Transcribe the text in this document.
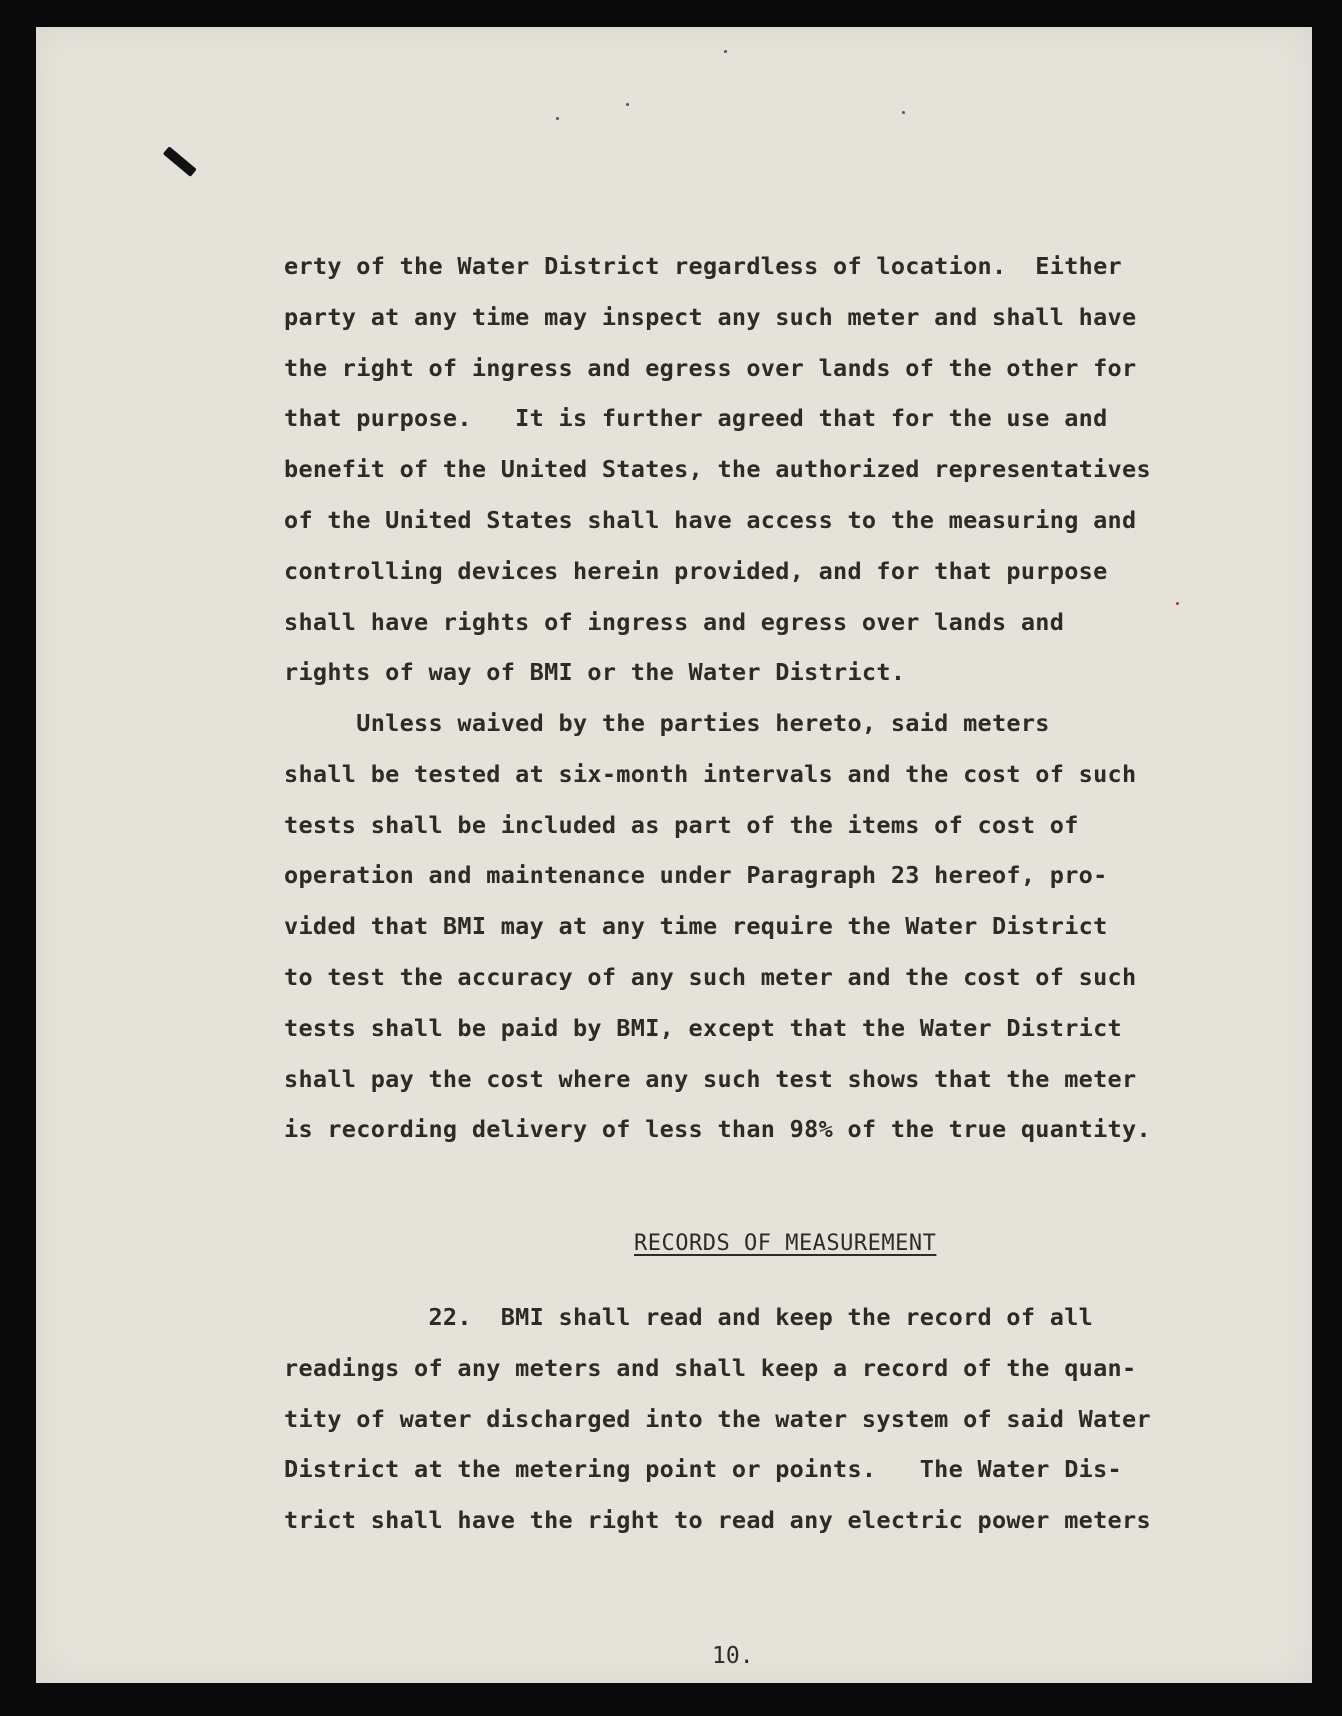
erty of the Water District regardless of location.  Either
party at any time may inspect any such meter and shall have
the right of ingress and egress over lands of the other for
that purpose.   It is further agreed that for the use and
benefit of the United States, the authorized representatives
of the United States shall have access to the measuring and
controlling devices herein provided, and for that purpose
shall have rights of ingress and egress over lands and
rights of way of BMI or the Water District.
Unless waived by the parties hereto, said meters
shall be tested at six-month intervals and the cost of such
tests shall be included as part of the items of cost of
operation and maintenance under Paragraph 23 hereof, pro-
vided that BMI may at any time require the Water District
to test the accuracy of any such meter and the cost of such
tests shall be paid by BMI, except that the Water District
shall pay the cost where any such test shows that the meter
is recording delivery of less than 98% of the true quantity.
RECORDS OF MEASUREMENT
22.  BMI shall read and keep the record of all
readings of any meters and shall keep a record of the quan-
tity of water discharged into the water system of said Water
District at the metering point or points.   The Water Dis-
trict shall have the right to read any electric power meters
10.
